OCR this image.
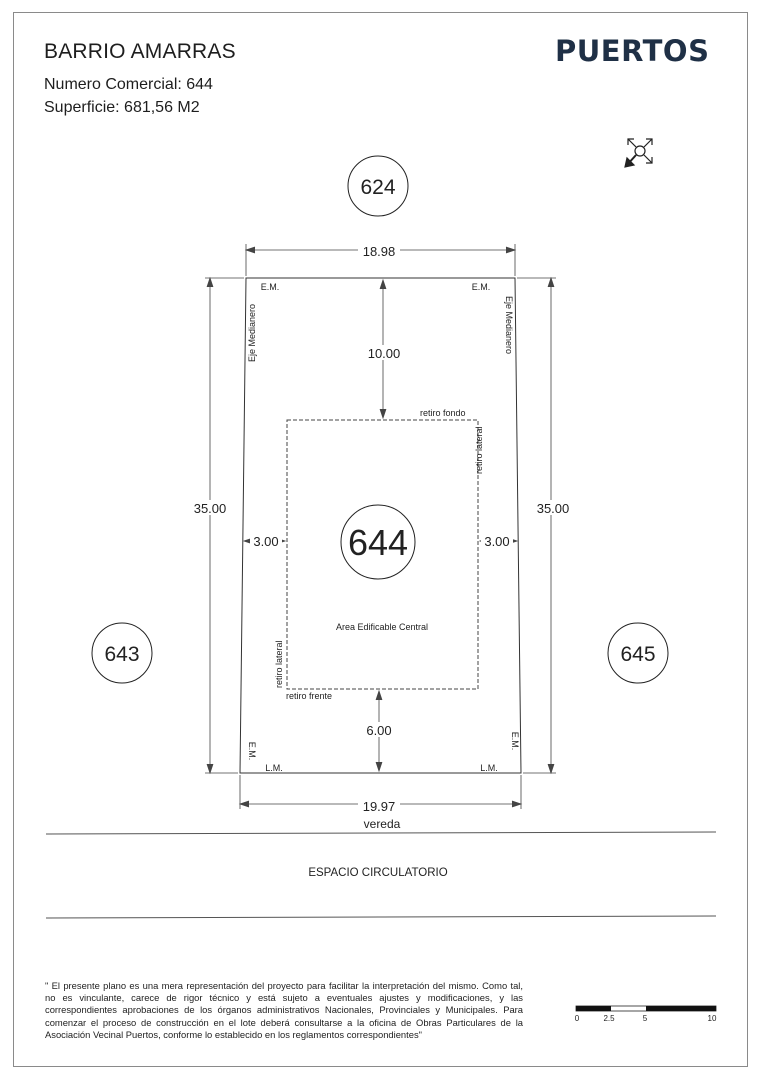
BARRIO AMARRAS
Numero Comercial: 644
Superficie: 681,56 M2
PUERTOS
624
643	645
644
18.98
19.97
35.00	35.00
10.00
6.00
3.00	3.00
E.M.	E.M.
Eje Medianero	Eje Medianero
retiro fondo
retiro lateral
Area Edificable Central
retiro lateral
retiro frente
E.M.
E.M.
L.M.	L.M.
vereda
ESPACIO CIRCULATORIO
0	2.5	5	10
" El presente plano es una mera representación del proyecto para facilitar la interpretación del mismo. Como tal, no es vinculante, carece de rigor técnico y está sujeto a eventuales ajustes y modificaciones, y las correspondientes aprobaciones de los órganos administrativos Nacionales, Provinciales y Municipales. Para comenzar el proceso de construcción en el lote deberá consultarse a la oficina de Obras Particulares de la Asociación Vecinal Puertos, conforme lo establecido en los reglamentos correspondientes"
